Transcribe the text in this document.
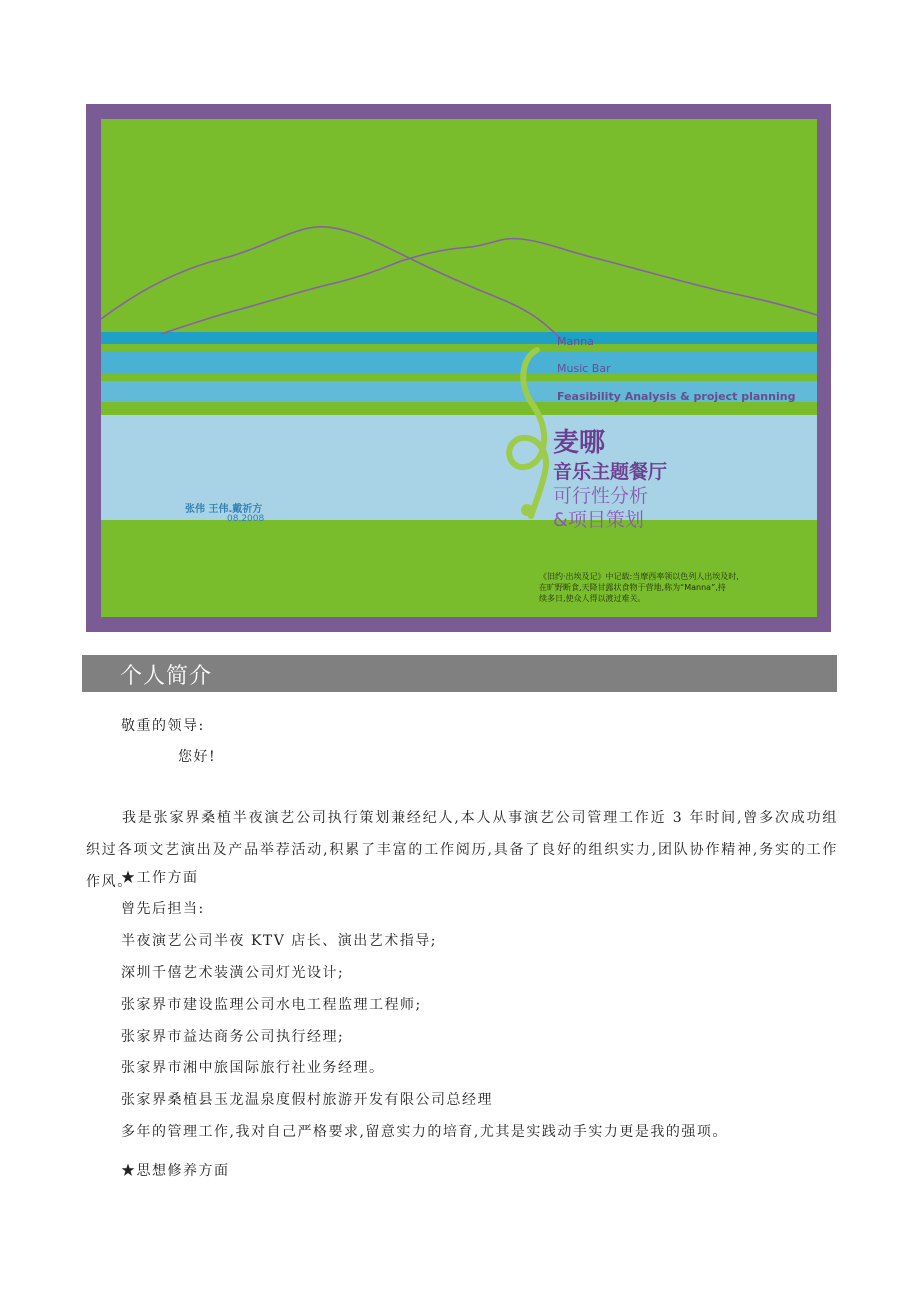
Manna
Music Bar
Feasibility Analysis & project planning
麦哪
音乐主题餐厅
可行性分析
&项目策划
张伟 王伟.戴祈方
08.2008
《旧约·出埃及记》中记载:当摩西率领以色列人出埃及时,
在旷野断食,天降甘露状食物于营地,称为“Manna”,持
续多日,使众人得以渡过难关。
个人简介
敬重的领导:
您好!
我是张家界桑植半夜演艺公司执行策划兼经纪人,本人从事演艺公司管理工作近 3 年时间,曾多次成功组织过各项文艺演出及产品举荐活动,积累了丰富的工作阅历,具备了良好的组织实力,团队协作精神,务实的工作作风。
★工作方面
曾先后担当:
半夜演艺公司半夜 KTV 店长、演出艺术指导;
深圳千僖艺术装潢公司灯光设计;
张家界市建设监理公司水电工程监理工程师;
张家界市益达商务公司执行经理;
张家界市湘中旅国际旅行社业务经理。
张家界桑植县玉龙温泉度假村旅游开发有限公司总经理
多年的管理工作,我对自己严格要求,留意实力的培育,尤其是实践动手实力更是我的强项。
★思想修养方面
